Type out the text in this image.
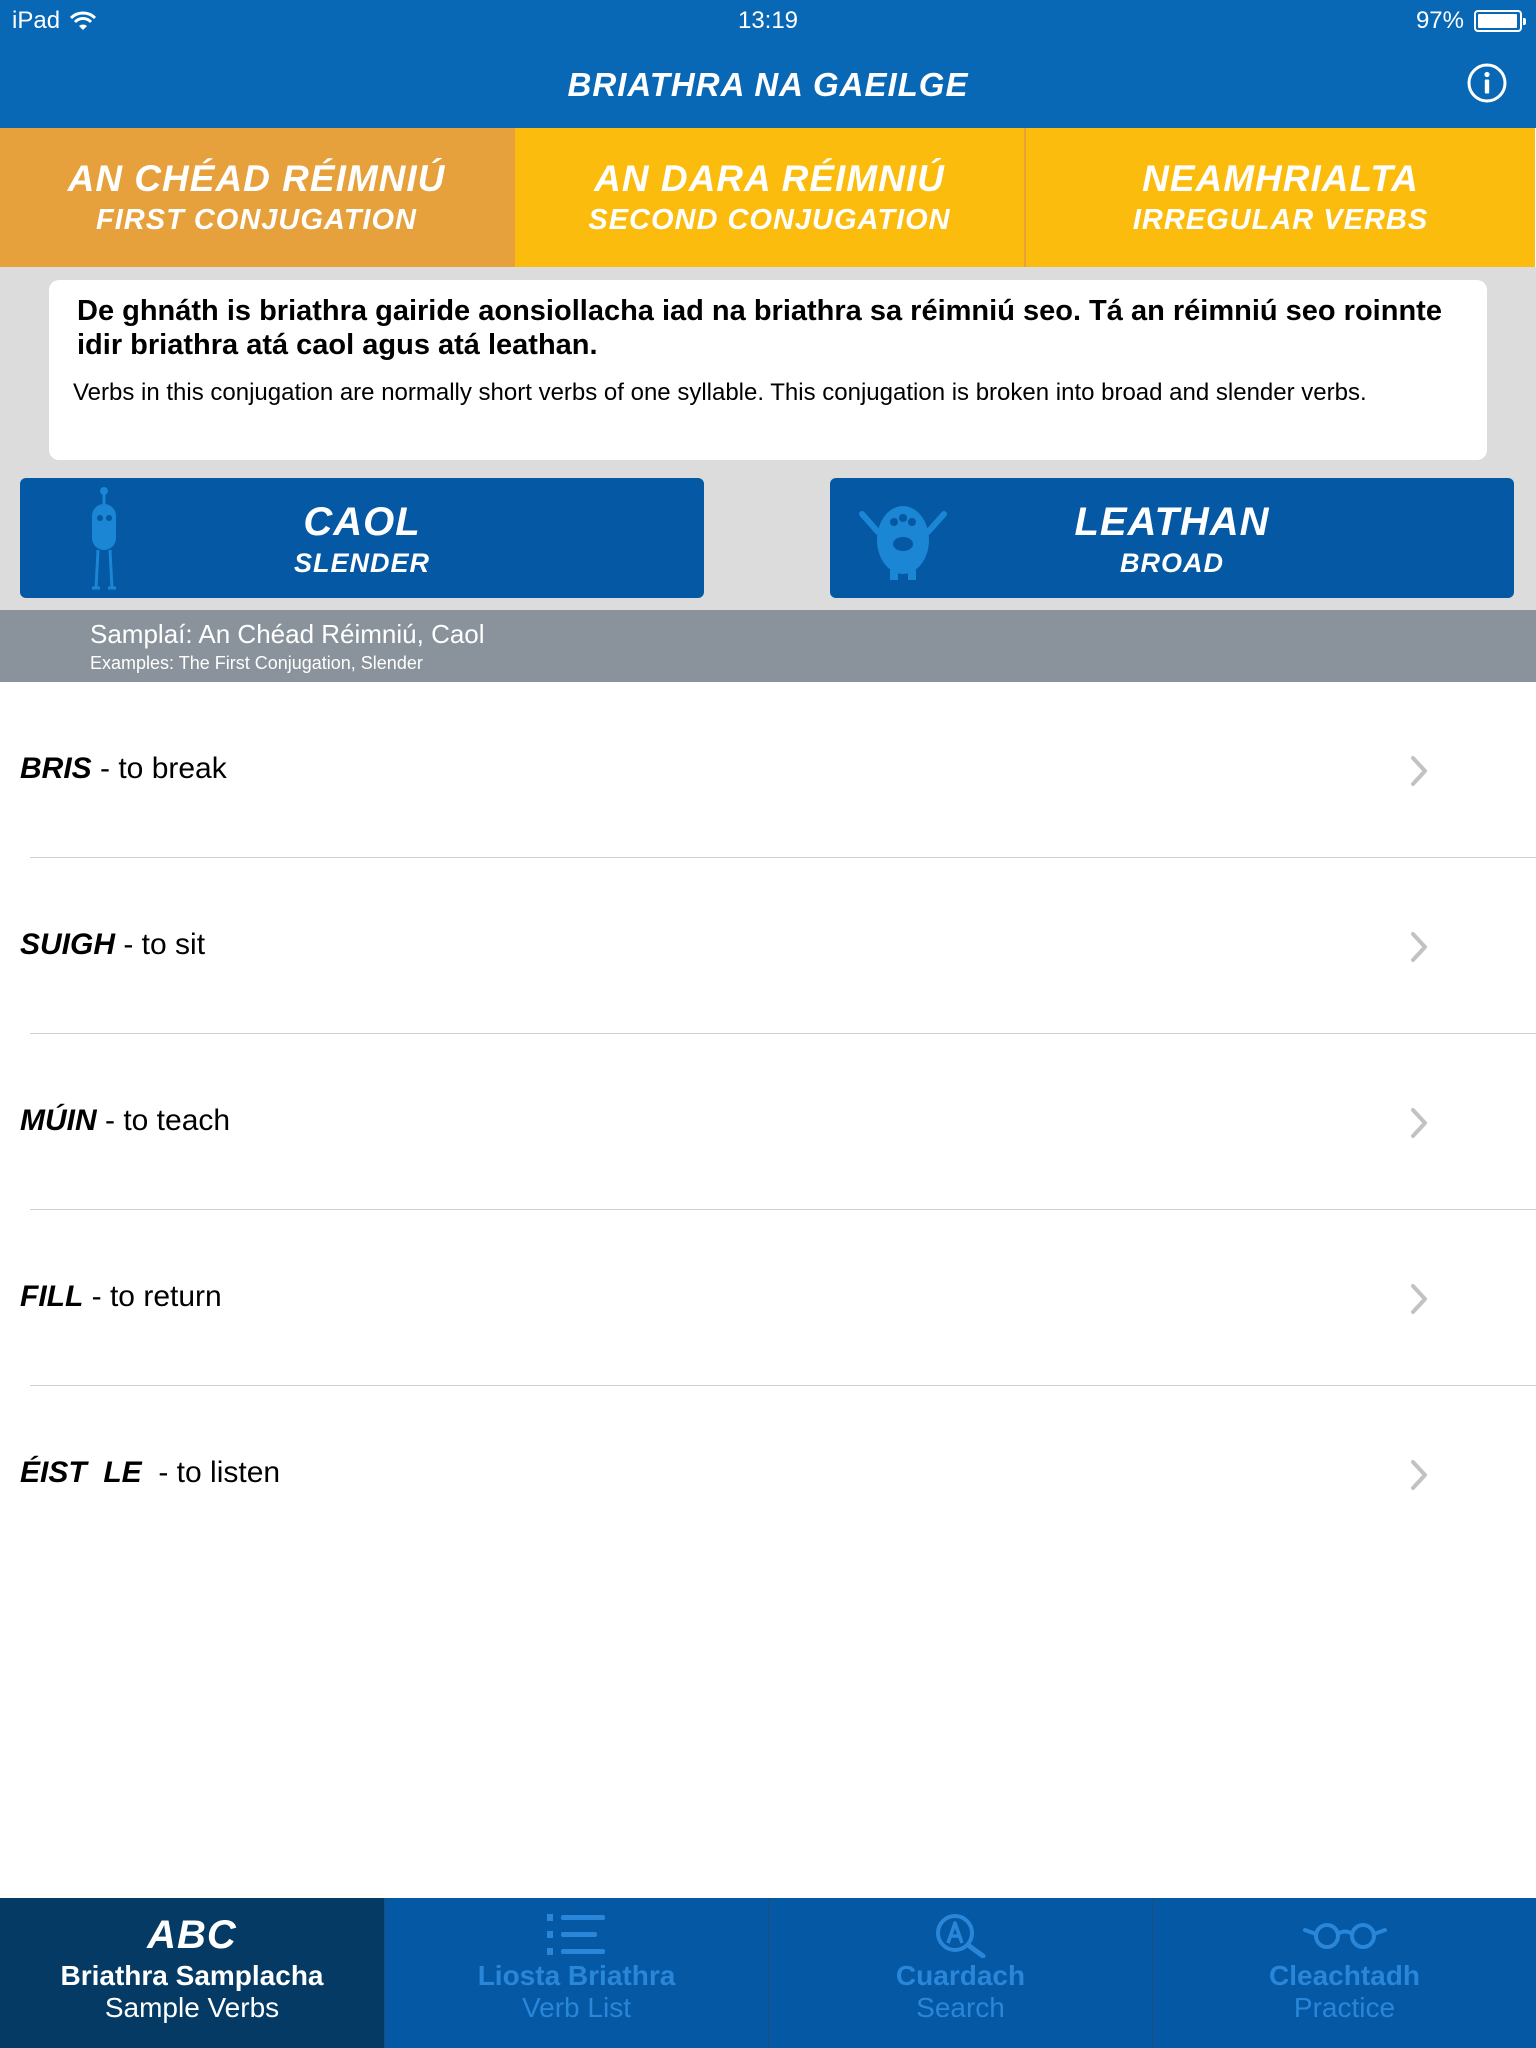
iPad	13:19	97%
BRIATHRA NA GAEILGE
AN CHÉAD RÉIMNIÚ
FIRST CONJUGATION
AN DARA RÉIMNIÚ
SECOND CONJUGATION
NEAMHRIALTA
IRREGULAR VERBS
De ghnáth is briathra gairide aonsiollacha iad na briathra sa réimniú seo. Tá an réimniú seo roinnte idir briathra atá caol agus atá leathan.
Verbs in this conjugation are normally short verbs of one syllable. This conjugation is broken into broad and slender verbs.
CAOL
SLENDER
LEATHAN
BROAD
Samplaí: An Chéad Réimniú, Caol
Examples: The First Conjugation, Slender
BRIS - to break
SUIGH - to sit
MÚIN - to teach
FILL - to return
ÉIST  LE  - to listen
ABC
Briathra Samplacha
Sample Verbs
Liosta Briathra
Verb List
Cuardach
Search
Cleachtadh
Practice
